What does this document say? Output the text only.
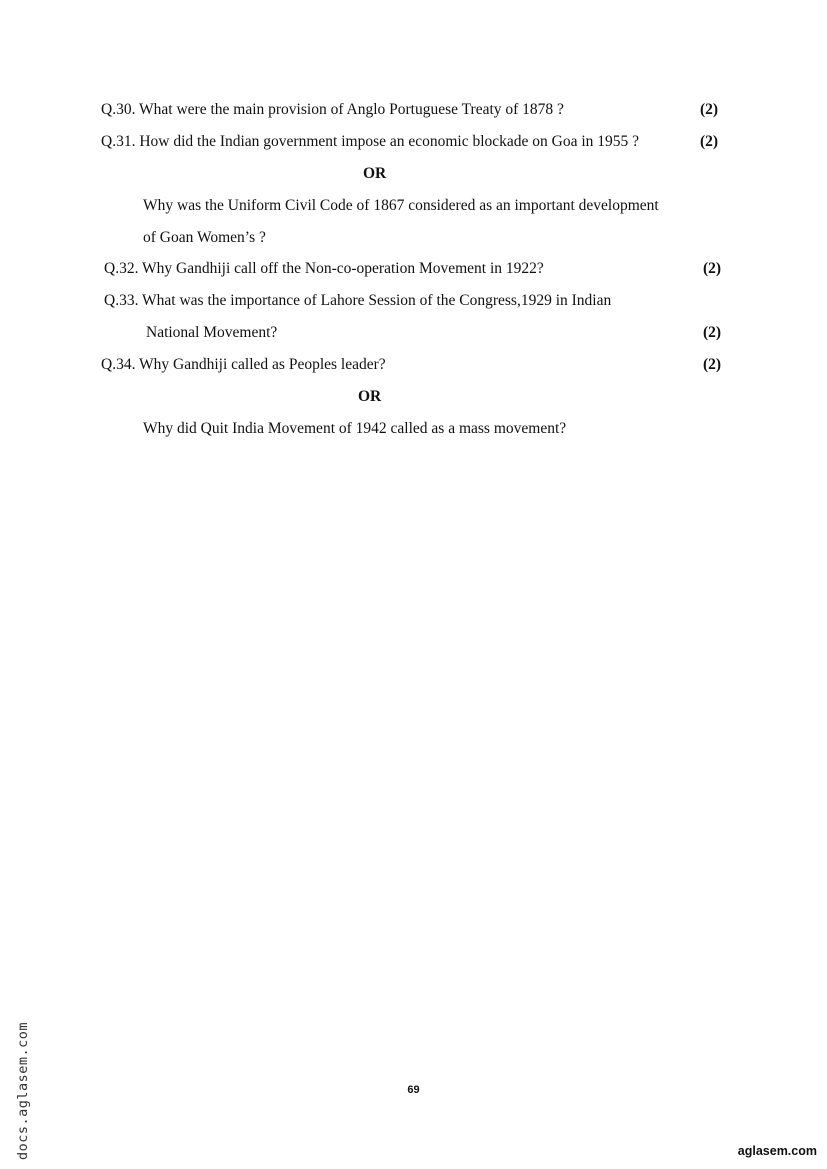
Q.30. What were the main provision of Anglo Portuguese Treaty of 1878 ?	(2)
Q.31. How did the Indian government impose an economic blockade on Goa in 1955 ?	(2)
OR
Why was the Uniform Civil Code of 1867 considered as an important development
of Goan Women’s ?
Q.32. Why Gandhiji call off the Non-co-operation Movement in 1922?	(2)
Q.33. What was the importance of Lahore Session of the Congress,1929 in Indian
National Movement?	(2)
Q.34. Why Gandhiji called as Peoples leader?	(2)
OR
Why did Quit India Movement of 1942 called as a mass movement?
69
docs.aglasem.com	aglasem.com
